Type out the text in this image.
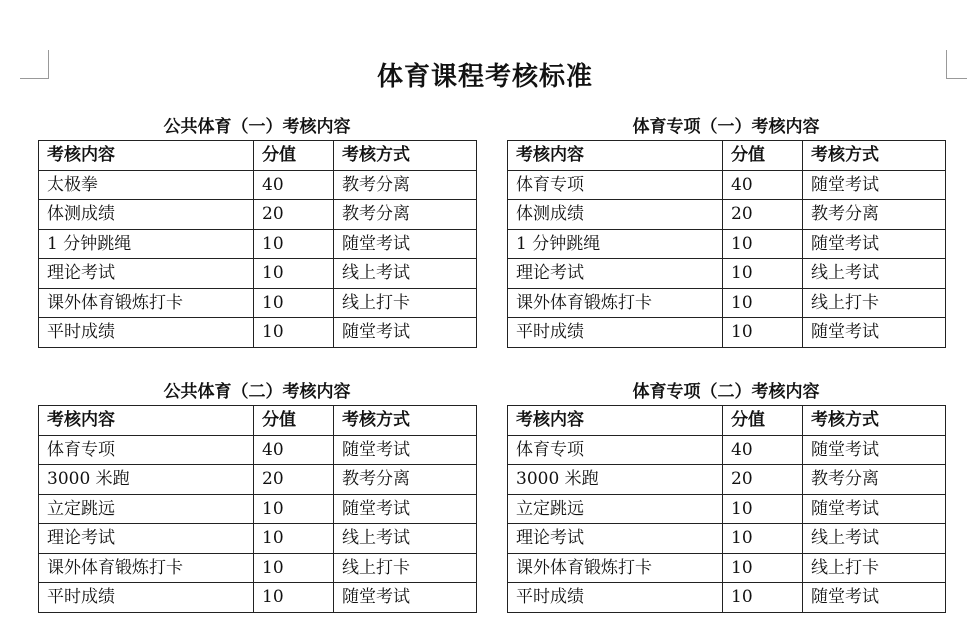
体育课程考核标准
公共体育（一）考核内容
考核内容	分值	考核方式
太极拳	40	教考分离
体测成绩	20	教考分离
1 分钟跳绳	10	随堂考试
理论考试	10	线上考试
课外体育锻炼打卡	10	线上打卡
平时成绩	10	随堂考试
体育专项（一）考核内容
考核内容	分值	考核方式
体育专项	40	随堂考试
体测成绩	20	教考分离
1 分钟跳绳	10	随堂考试
理论考试	10	线上考试
课外体育锻炼打卡	10	线上打卡
平时成绩	10	随堂考试
公共体育（二）考核内容
考核内容	分值	考核方式
体育专项	40	随堂考试
3000 米跑	20	教考分离
立定跳远	10	随堂考试
理论考试	10	线上考试
课外体育锻炼打卡	10	线上打卡
平时成绩	10	随堂考试
体育专项（二）考核内容
考核内容	分值	考核方式
体育专项	40	随堂考试
3000 米跑	20	教考分离
立定跳远	10	随堂考试
理论考试	10	线上考试
课外体育锻炼打卡	10	线上打卡
平时成绩	10	随堂考试
